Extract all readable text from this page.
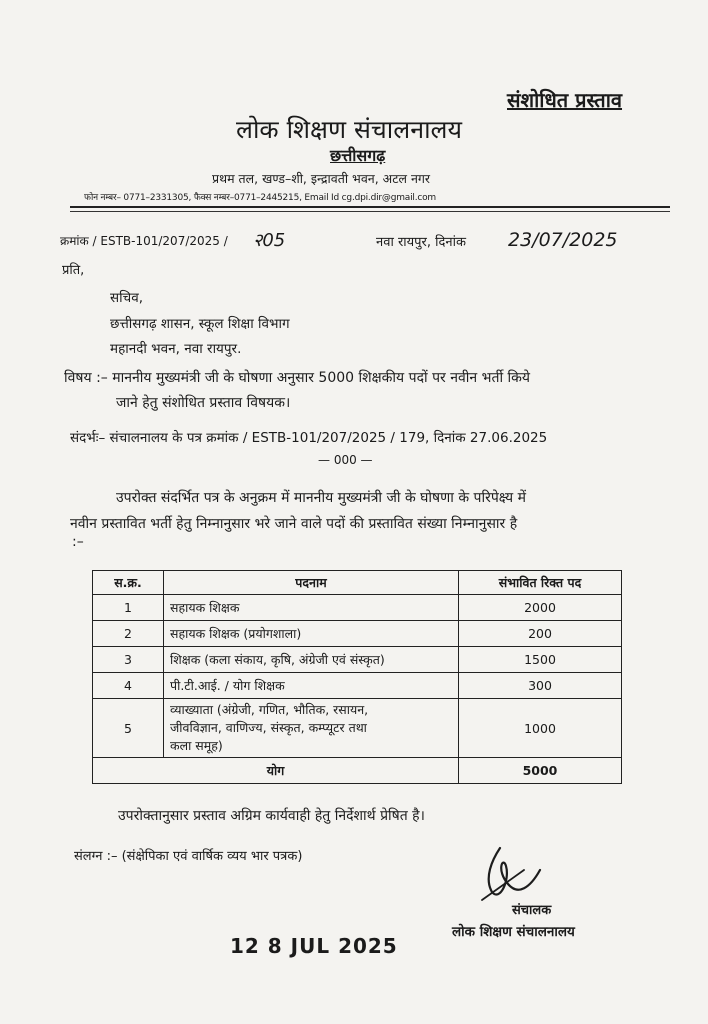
संशोधित प्रस्ताव
लोक शिक्षण संचालनालय
छत्तीसगढ़
प्रथम तल, खण्ड–शी, इन्द्रावती भवन, अटल नगर
फोन नम्बर– 0771–2331305, फैक्स नम्बर–0771–2445215, Email Id cg.dpi.dir@gmail.com
क्रमांक / ESTB-101/207/2025 / २05	नवा रायपुर, दिनांक 23/07/2025
प्रति,
सचिव,
छत्तीसगढ़ शासन, स्कूल शिक्षा विभाग
महानदी भवन, नवा रायपुर.
विषय :– माननीय मुख्यमंत्री जी के घोषणा अनुसार 5000 शिक्षकीय पदों पर नवीन भर्ती किये
जाने हेतु संशोधित प्रस्ताव विषयक।
संदर्भः– संचालनालय के पत्र क्रमांक / ESTB-101/207/2025 / 179, दिनांक 27.06.2025
— 000 —
उपरोक्त संदर्भित पत्र के अनुक्रम में माननीय मुख्यमंत्री जी के घोषणा के परिपेक्ष्य में
नवीन प्रस्तावित भर्ती हेतु निम्नानुसार भरे जाने वाले पदों की प्रस्तावित संख्या निम्नानुसार है
:–
स.क्र.	पदनाम	संभावित रिक्त पद
1	सहायक शिक्षक	2000
2	सहायक शिक्षक (प्रयोगशाला)	200
3	शिक्षक (कला संकाय, कृषि, अंग्रेजी एवं संस्कृत)	1500
4	पी.टी.आई. / योग शिक्षक	300
5	व्याख्याता (अंग्रेजी, गणित, भौतिक, रसायन,
जीवविज्ञान, वाणिज्य, संस्कृत, कम्प्यूटर तथा
कला समूह)	1000
योग		5000
उपरोक्तानुसार प्रस्ताव अग्रिम कार्यवाही हेतु निर्देशार्थ प्रेषित है।
संलग्न :– (संक्षेपिका एवं वार्षिक व्यय भार पत्रक)
संचालक
लोक शिक्षण संचालनालय
12 8 JUL 2025
